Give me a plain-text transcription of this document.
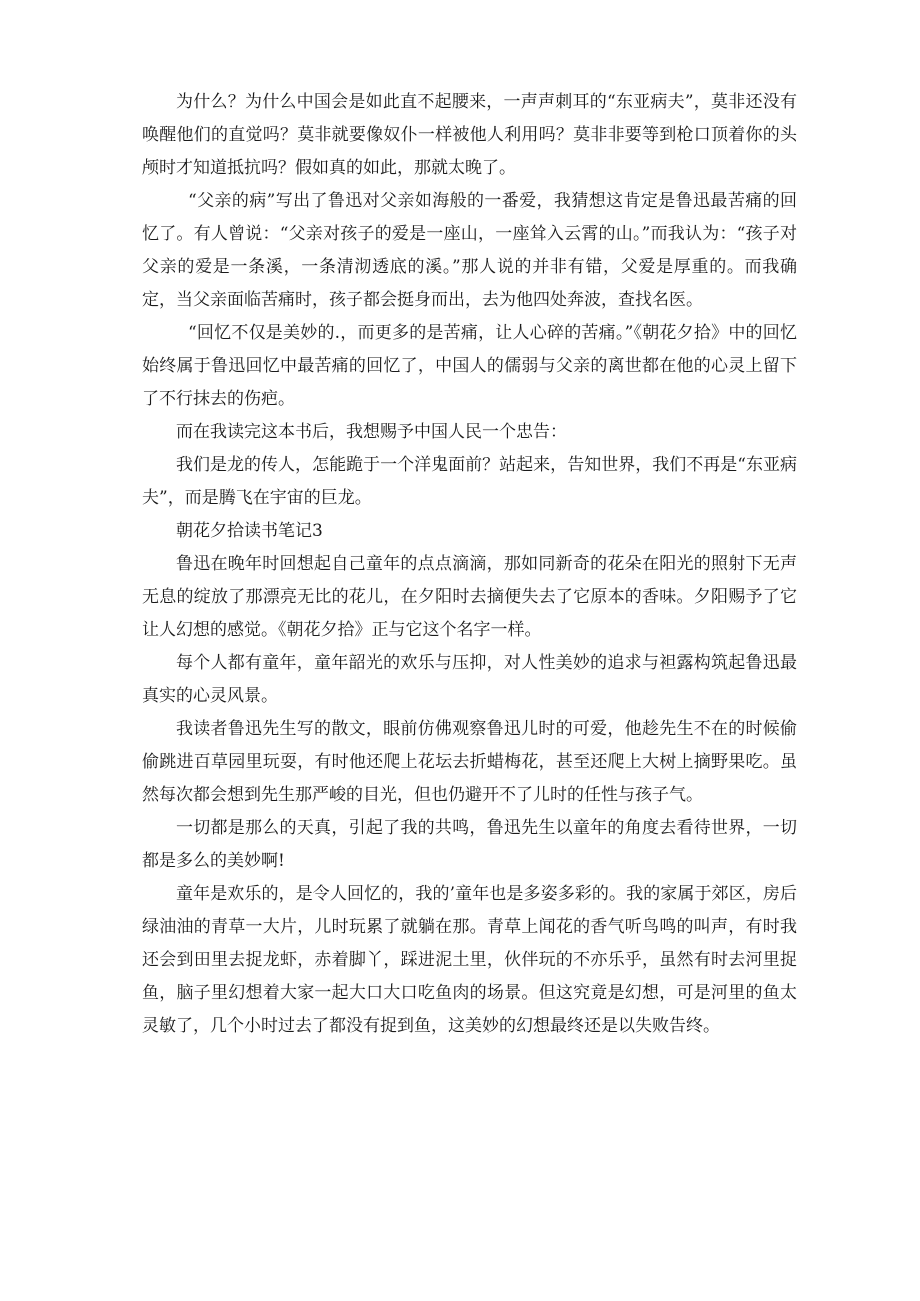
为什么？为什么中国会是如此直不起腰来，一声声刺耳的“东亚病夫”，莫非还没有唤醒他们的直觉吗？莫非就要像奴仆一样被他人利用吗？莫非非要等到枪口顶着你的头颅时才知道抵抗吗？假如真的如此，那就太晚了。

“父亲的病”写出了鲁迅对父亲如海般的一番爱，我猜想这肯定是鲁迅最苦痛的回忆了。有人曾说：“父亲对孩子的爱是一座山，一座耸入云霄的山。”而我认为：“孩子对父亲的爱是一条溪，一条清沏透底的溪。”那人说的并非有错，父爱是厚重的。而我确定，当父亲面临苦痛时，孩子都会挺身而出，去为他四处奔波，查找名医。

“回忆不仅是美妙的.，而更多的是苦痛，让人心碎的苦痛。”《朝花夕拾》中的回忆始终属于鲁迅回忆中最苦痛的回忆了，中国人的儒弱与父亲的离世都在他的心灵上留下了不行抹去的伤疤。

而在我读完这本书后，我想赐予中国人民一个忠告：

我们是龙的传人，怎能跪于一个洋鬼面前？站起来，告知世界，我们不再是“东亚病夫”，而是腾飞在宇宙的巨龙。

朝花夕拾读书笔记3

鲁迅在晚年时回想起自己童年的点点滴滴，那如同新奇的花朵在阳光的照射下无声无息的绽放了那漂亮无比的花儿，在夕阳时去摘便失去了它原本的香味。夕阳赐予了它让人幻想的感觉。《朝花夕拾》正与它这个名字一样。

每个人都有童年，童年韶光的欢乐与压抑，对人性美妙的追求与袒露构筑起鲁迅最真实的心灵风景。

我读者鲁迅先生写的散文，眼前仿佛观察鲁迅儿时的可爱，他趁先生不在的时候偷偷跳进百草园里玩耍，有时他还爬上花坛去折蜡梅花，甚至还爬上大树上摘野果吃。虽然每次都会想到先生那严峻的目光，但也仍避开不了儿时的任性与孩子气。

一切都是那么的天真，引起了我的共鸣，鲁迅先生以童年的角度去看待世界，一切都是多么的美妙啊!

童年是欢乐的，是令人回忆的，我的’童年也是多姿多彩的。我的家属于郊区，房后绿油油的青草一大片，儿时玩累了就躺在那。青草上闻花的香气听鸟鸣的叫声，有时我还会到田里去捉龙虾，赤着脚丫，踩进泥土里，伙伴玩的不亦乐乎，虽然有时去河里捉鱼，脑子里幻想着大家一起大口大口吃鱼肉的场景。但这究竟是幻想，可是河里的鱼太灵敏了，几个小时过去了都没有捉到鱼，这美妙的幻想最终还是以失败告终。
